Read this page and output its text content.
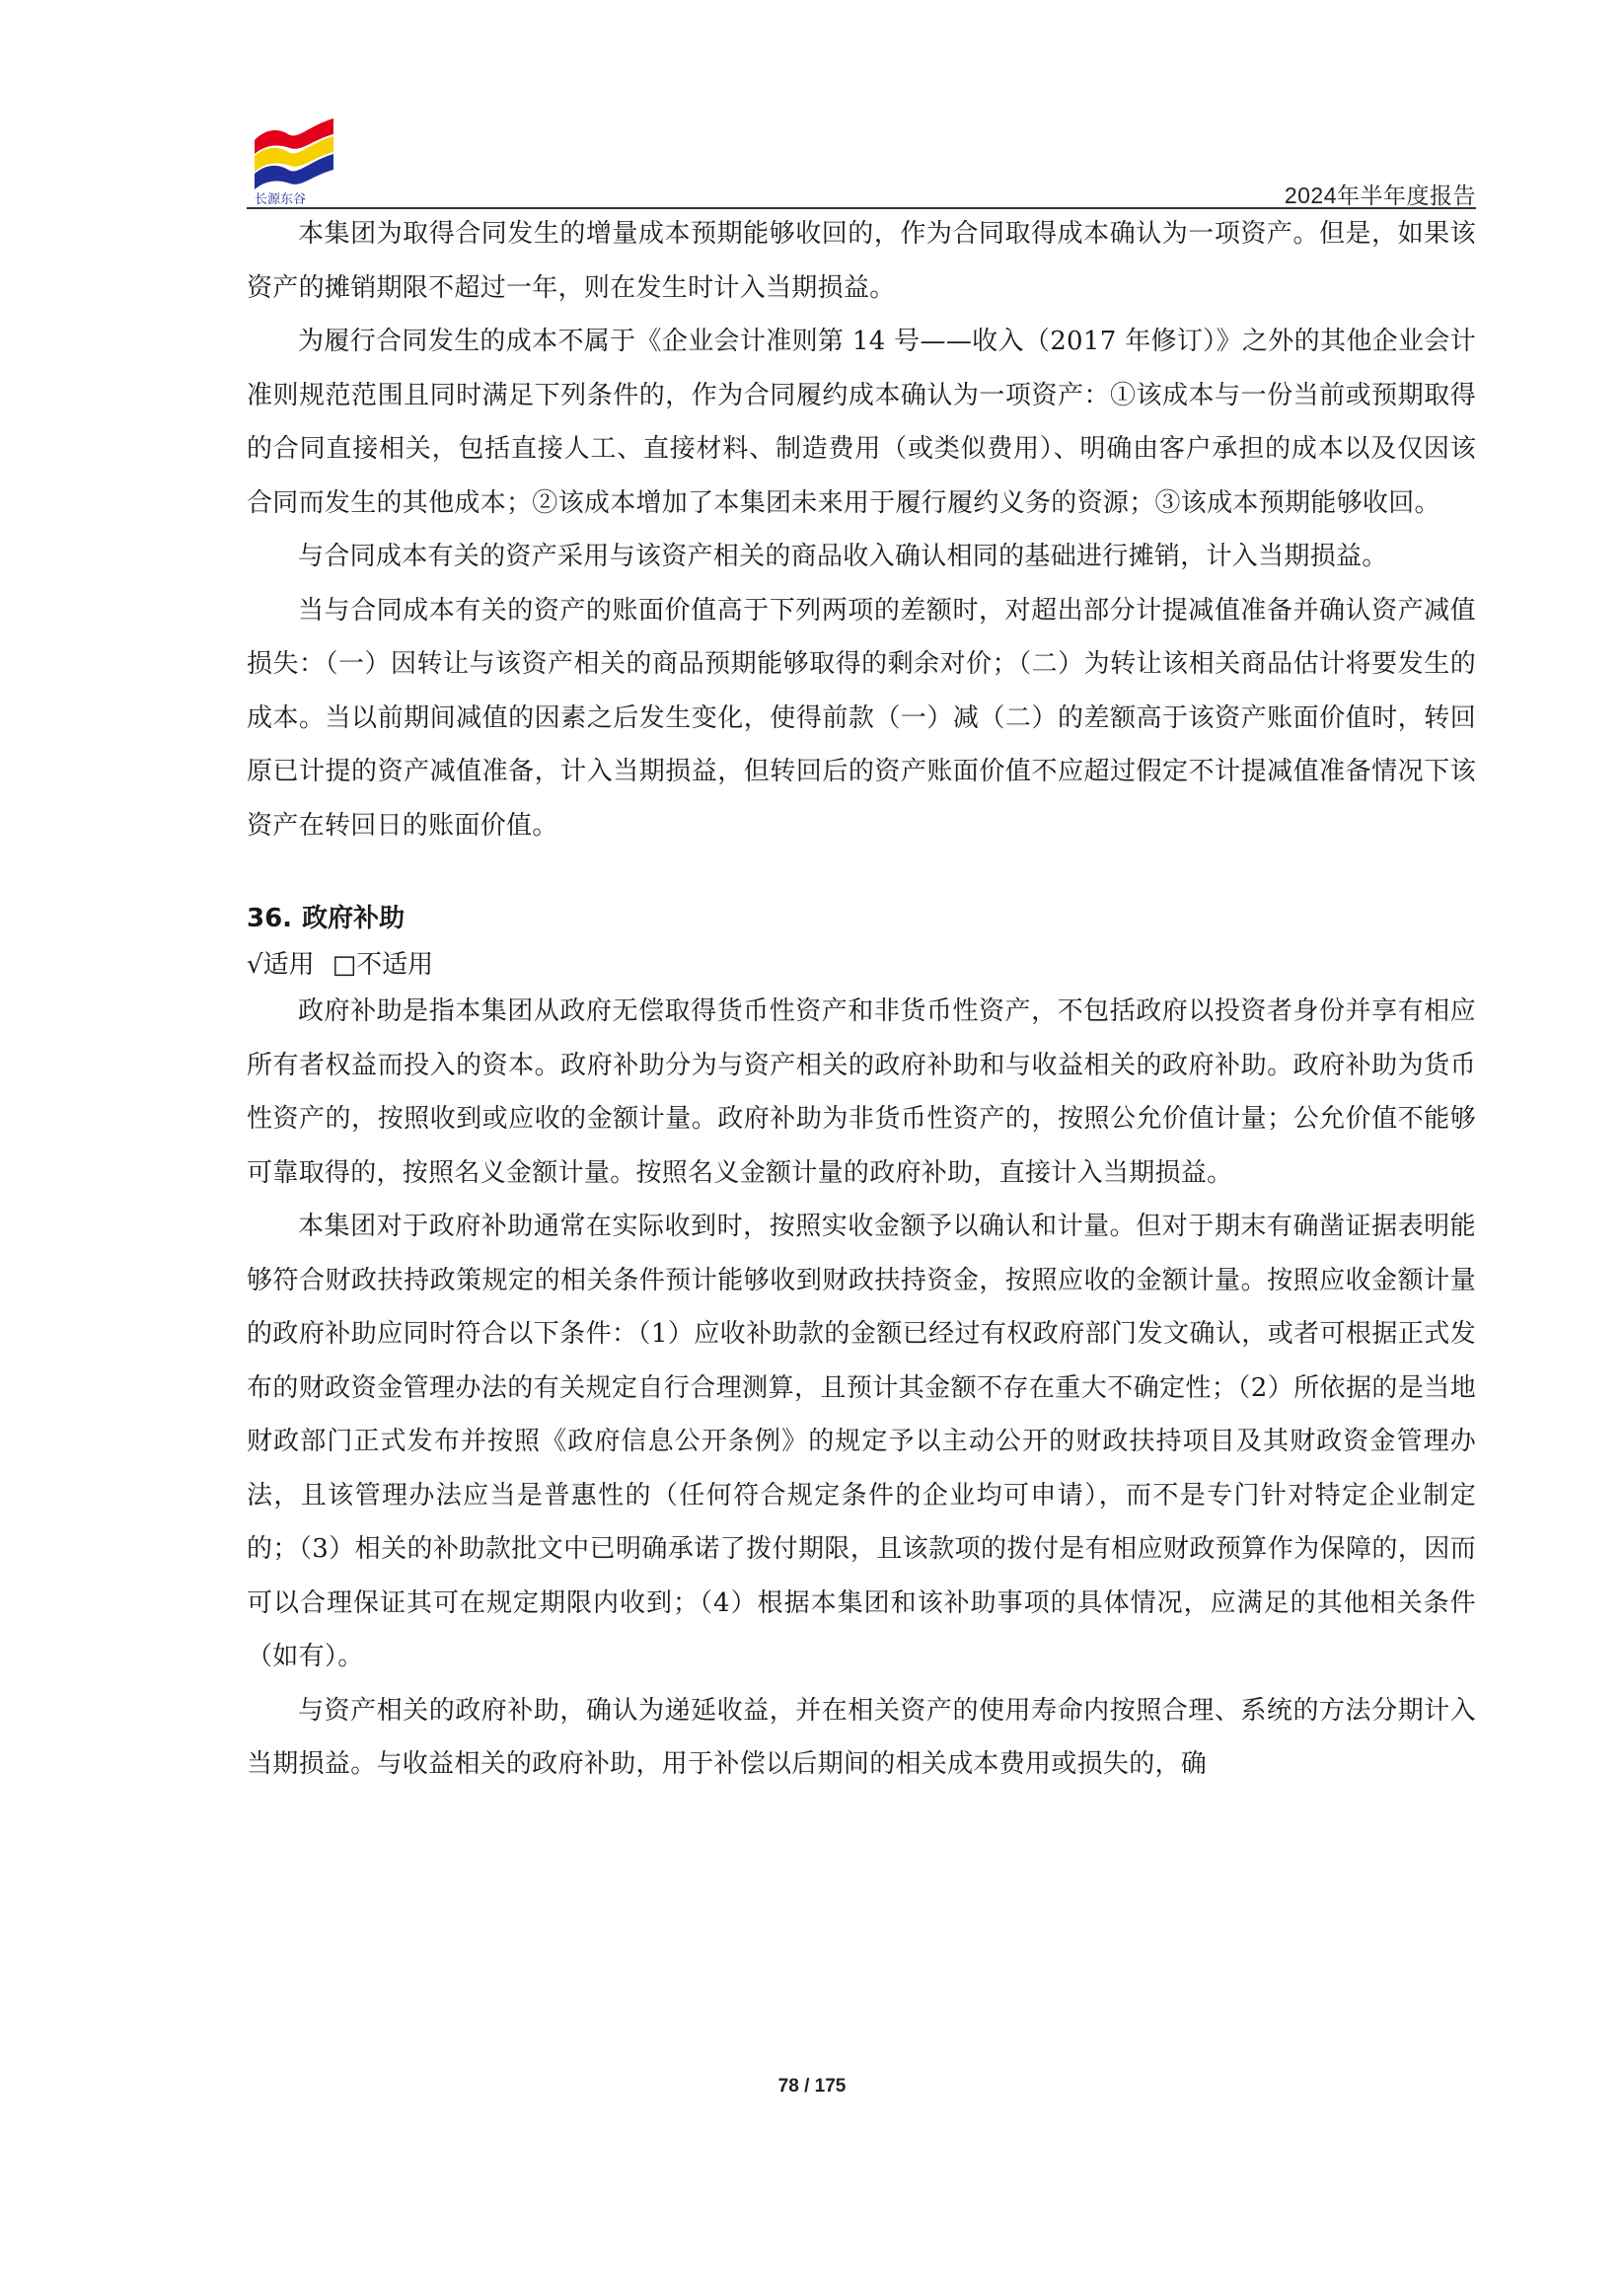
长源东谷	2024年半年度报告

本集团为取得合同发生的增量成本预期能够收回的，作为合同取得成本确认为一项资产。但是，如果该资产的摊销期限不超过一年，则在发生时计入当期损益。

为履行合同发生的成本不属于《企业会计准则第 14 号——收入（2017 年修订）》之外的其他企业会计准则规范范围且同时满足下列条件的，作为合同履约成本确认为一项资产：①该成本与一份当前或预期取得的合同直接相关，包括直接人工、直接材料、制造费用（或类似费用）、明确由客户承担的成本以及仅因该合同而发生的其他成本；②该成本增加了本集团未来用于履行履约义务的资源；③该成本预期能够收回。

与合同成本有关的资产采用与该资产相关的商品收入确认相同的基础进行摊销，计入当期损益。

当与合同成本有关的资产的账面价值高于下列两项的差额时，对超出部分计提减值准备并确认资产减值损失：（一）因转让与该资产相关的商品预期能够取得的剩余对价；（二）为转让该相关商品估计将要发生的成本。当以前期间减值的因素之后发生变化，使得前款（一）减（二）的差额高于该资产账面价值时，转回原已计提的资产减值准备，计入当期损益，但转回后的资产账面价值不应超过假定不计提减值准备情况下该资产在转回日的账面价值。

36. 政府补助

√适用 □不适用

政府补助是指本集团从政府无偿取得货币性资产和非货币性资产，不包括政府以投资者身份并享有相应所有者权益而投入的资本。政府补助分为与资产相关的政府补助和与收益相关的政府补助。政府补助为货币性资产的，按照收到或应收的金额计量。政府补助为非货币性资产的，按照公允价值计量；公允价值不能够可靠取得的，按照名义金额计量。按照名义金额计量的政府补助，直接计入当期损益。

本集团对于政府补助通常在实际收到时，按照实收金额予以确认和计量。但对于期末有确凿证据表明能够符合财政扶持政策规定的相关条件预计能够收到财政扶持资金，按照应收的金额计量。按照应收金额计量的政府补助应同时符合以下条件：（1）应收补助款的金额已经过有权政府部门发文确认，或者可根据正式发布的财政资金管理办法的有关规定自行合理测算，且预计其金额不存在重大不确定性；（2）所依据的是当地财政部门正式发布并按照《政府信息公开条例》的规定予以主动公开的财政扶持项目及其财政资金管理办法，且该管理办法应当是普惠性的（任何符合规定条件的企业均可申请），而不是专门针对特定企业制定的；（3）相关的补助款批文中已明确承诺了拨付期限，且该款项的拨付是有相应财政预算作为保障的，因而可以合理保证其可在规定期限内收到；（4）根据本集团和该补助事项的具体情况，应满足的其他相关条件（如有）。

与资产相关的政府补助，确认为递延收益，并在相关资产的使用寿命内按照合理、系统的方法分期计入当期损益。与收益相关的政府补助，用于补偿以后期间的相关成本费用或损失的，确

78 / 175
